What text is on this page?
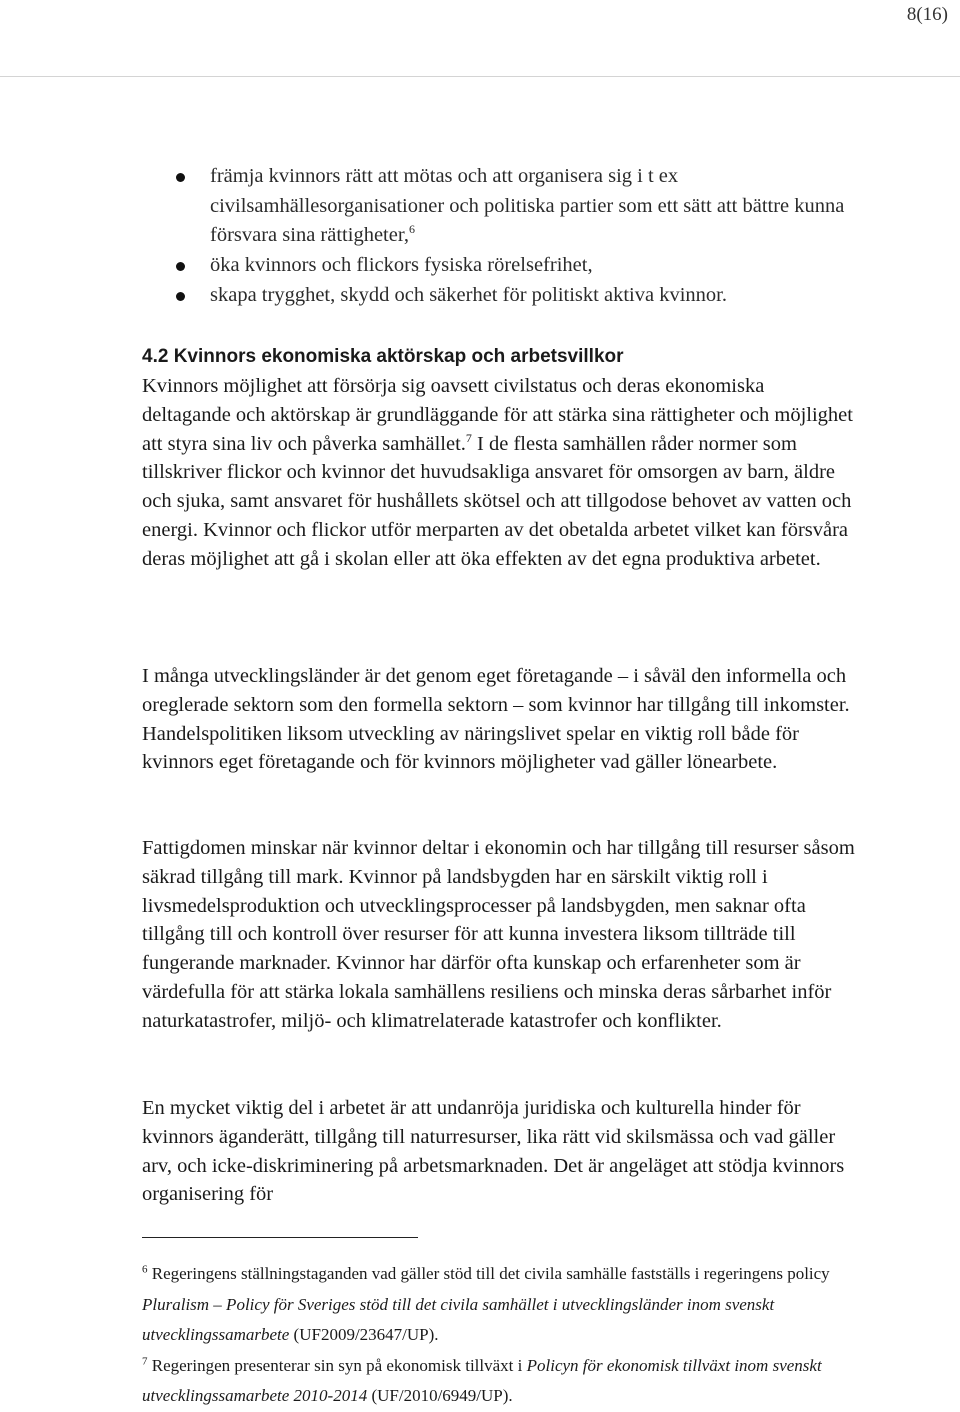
8(16)
främja kvinnors rätt att mötas och att organisera sig i t ex civilsamhällesorganisationer och politiska partier som ett sätt att bättre kunna försvara sina rättigheter,$^6$
öka kvinnors och flickors fysiska rörelsefrihet,
skapa trygghet, skydd och säkerhet för politiskt aktiva kvinnor.
4.2 Kvinnors ekonomiska aktörskap och arbetsvillkor

Kvinnors möjlighet att försörja sig oavsett civilstatus och deras ekonomiska deltagande och aktörskap är grundläggande för att stärka sina rättigheter och möjlighet att styra sina liv och påverka samhället.$^7$ I de flesta samhällen råder normer som tillskriver flickor och kvinnor det huvudsakliga ansvaret för omsorgen av barn, äldre och sjuka, samt ansvaret för hushållets skötsel och att tillgodose behovet av vatten och energi. Kvinnor och flickor utför merparten av det obetalda arbetet vilket kan försvåra deras möjlighet att gå i skolan eller att öka effekten av det egna produktiva arbetet.

I många utvecklingsländer är det genom eget företagande – i såväl den informella och oreglerade sektorn som den formella sektorn – som kvinnor har tillgång till inkomster. Handelspolitiken liksom utveckling av näringslivet spelar en viktig roll både för kvinnors eget företagande och för kvinnors möjligheter vad gäller lönearbete.

Fattigdomen minskar när kvinnor deltar i ekonomin och har tillgång till resurser såsom säkrad tillgång till mark. Kvinnor på landsbygden har en särskilt viktig roll i livsmedelsproduktion och utvecklingsprocesser på landsbygden, men saknar ofta tillgång till och kontroll över resurser för att kunna investera liksom tillträde till fungerande marknader. Kvinnor har därför ofta kunskap och erfarenheter som är värdefulla för att stärka lokala samhällens resiliens och minska deras sårbarhet inför naturkatastrofer, miljö- och klimatrelaterade katastrofer och konflikter.

En mycket viktig del i arbetet är att undanröja juridiska och kulturella hinder för kvinnors äganderätt, tillgång till naturresurser, lika rätt vid skilsmässa och vad gäller arv, och icke-diskriminering på arbetsmarknaden. Det är angeläget att stödja kvinnors organisering för

$^6$ Regeringens ställningstaganden vad gäller stöd till det civila samhälle fastställs i regeringens policy Pluralism – Policy för Sveriges stöd till det civila samhället i utvecklingsländer inom svenskt utvecklingssamarbete (UF2009/23647/UP).

$^7$ Regeringen presenterar sin syn på ekonomisk tillväxt i Policyn för ekonomisk tillväxt inom svenskt utvecklingssamarbete 2010-2014 (UF/2010/6949/UP).
